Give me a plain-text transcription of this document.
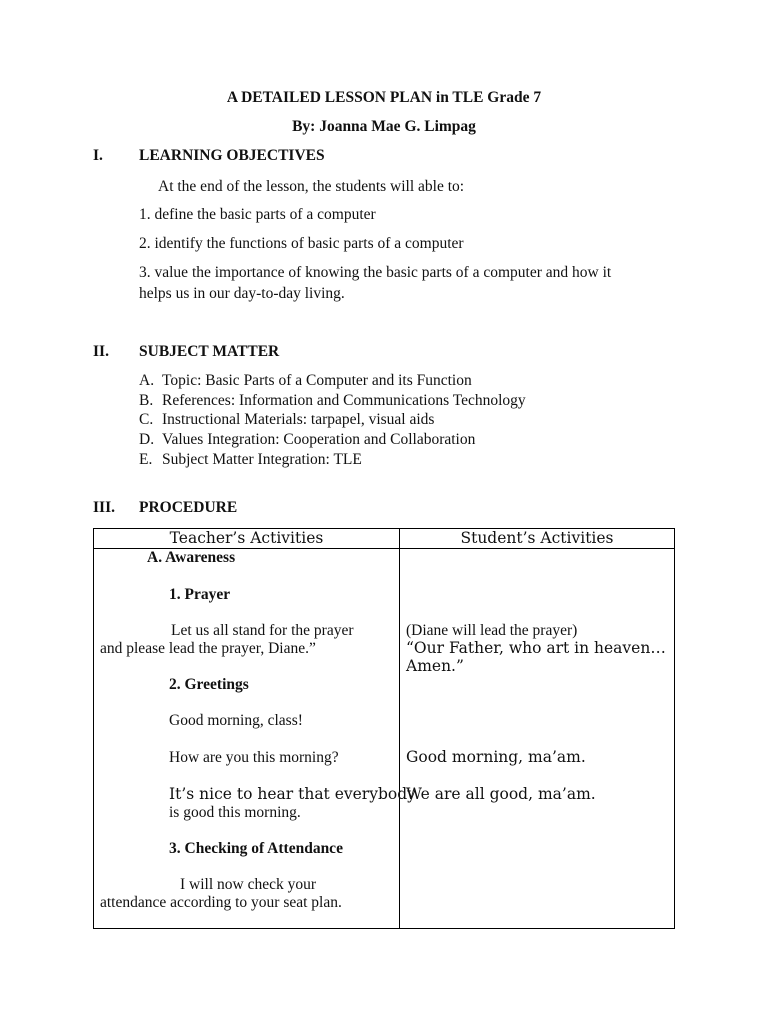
A DETAILED LESSON PLAN in TLE Grade 7
By: Joanna Mae G. Limpag
I. LEARNING OBJECTIVES
At the end of the lesson, the students will able to:
1. define the basic parts of a computer
2. identify the functions of basic parts of a computer
3. value the importance of knowing the basic parts of a computer and how it
helps us in our day-to-day living.
II. SUBJECT MATTER
A. Topic: Basic Parts of a Computer and its Function
B. References: Information and Communications Technology
C. Instructional Materials: tarpapel, visual aids
D. Values Integration: Cooperation and Collaboration
E. Subject Matter Integration: TLE
III. PROCEDURE
Teacher’s Activities	Student’s Activities
A. Awareness
1. Prayer
Let us all stand for the prayer
and please lead the prayer, Diane.”
2. Greetings
Good morning, class!
How are you this morning?
It’s nice to hear that everybody
is good this morning.
3. Checking of Attendance
I will now check your
attendance according to your seat plan.
(Diane will lead the prayer)
“Our Father, who art in heaven…
Amen.”
Good morning, ma’am.
We are all good, ma’am.
